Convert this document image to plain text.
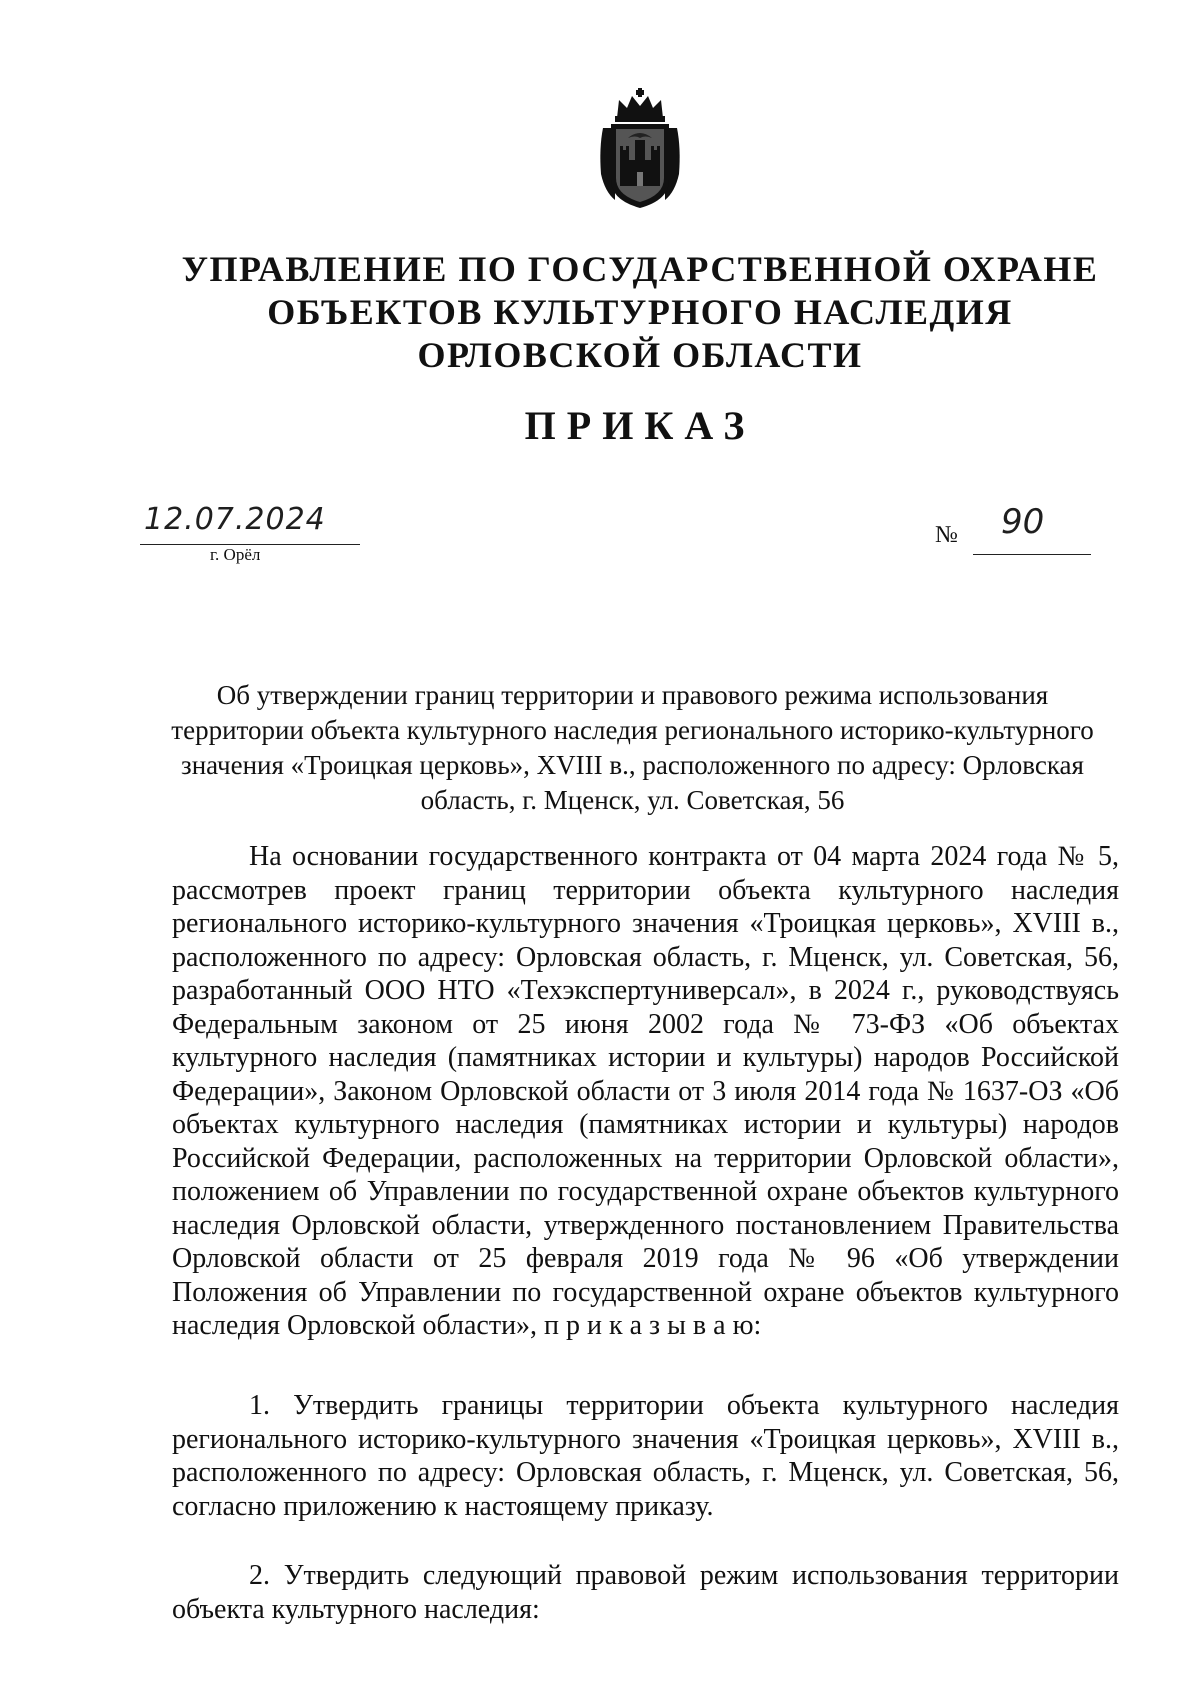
УПРАВЛЕНИЕ ПО ГОСУДАРСТВЕННОЙ ОХРАНЕ
ОБЪЕКТОВ КУЛЬТУРНОГО НАСЛЕДИЯ
ОРЛОВСКОЙ ОБЛАСТИ
ПРИКАЗ
12.07.2024
г. Орёл
№ 90
Об утверждении границ территории и правового режима использования территории объекта культурного наследия регионального историко-культурного значения «Троицкая церковь», XVIII в., расположенного по адресу: Орловская область, г. Мценск, ул. Советская, 56

На основании государственного контракта от 04 марта 2024 года № 5, рассмотрев проект границ территории объекта культурного наследия регионального историко-культурного значения «Троицкая церковь», XVIII в., расположенного по адресу: Орловская область, г. Мценск, ул. Советская, 56, разработанный ООО НТО «Техэкспертуниверсал», в 2024 г., руководствуясь Федеральным законом от 25 июня 2002 года № 73-ФЗ «Об объектах культурного наследия (памятниках истории и культуры) народов Российской Федерации», Законом Орловской области от 3 июля 2014 года № 1637-ОЗ «Об объектах культурного наследия (памятниках истории и культуры) народов Российской Федерации, расположенных на территории Орловской области», положением об Управлении по государственной охране объектов культурного наследия Орловской области, утвержденного постановлением Правительства Орловской области от 25 февраля 2019 года № 96 «Об утверждении Положения об Управлении по государственной охране объектов культурного наследия Орловской области», п р и к а з ы в а ю:

1. Утвердить границы территории объекта культурного наследия регионального историко-культурного значения «Троицкая церковь», XVIII в., расположенного по адресу: Орловская область, г. Мценск, ул. Советская, 56, согласно приложению к настоящему приказу.

2. Утвердить следующий правовой режим использования территории объекта культурного наследия:
